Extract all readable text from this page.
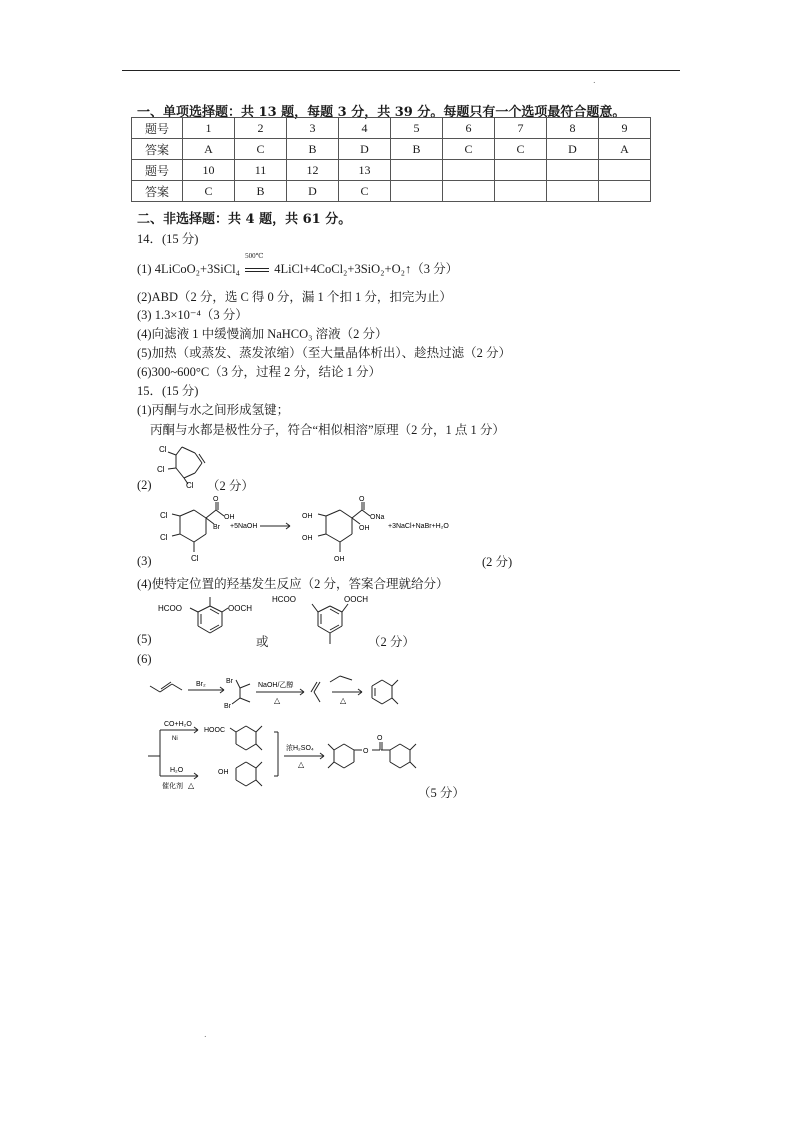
.
一、单项选择题：共 13 题，每题 3 分，共 39 分。每题只有一个选项最符合题意。
题号	1	2	3	4	5	6	7	8	9
答案	A	C	B	D	B	C	C	D	A
题号	10	11	12	13					
答案	C	B	D	C					
二、非选择题：共 4 题，共 61 分。
14．(15 分)
(1) 4LiCoO₂+3SiCl₄
500℃
4LiCl+4CoCl₂+3SiO₂+O₂↑（3 分）
(2)ABD（2 分，选 C 得 0 分，漏 1 个扣 1 分，扣完为止）
(3) 1.3×10⁻⁴（3 分）
(4)向滤液 1 中缓慢滴加 NaHCO₃ 溶液（2 分）
(5)加热（或蒸发、蒸发浓缩）（至大量晶体析出）、趁热过滤（2 分）
(6)300~600°C（3 分，过程 2 分，结论 1 分）
15．(15 分)
(1)丙酮与水之间形成氢键；
丙酮与水都是极性分子，符合“相似相溶”原理（2 分，1 点 1 分）
Cl
Cl
Cl
(2)	（2 分）
Cl
Cl
Cl
O
OH
Br +5NaOH
OH
OH
OH
O
ONa
OH	+3NaCl+NaBr+H₂O
(3)	(2 分)
(4)使特定位置的羟基发生反应（2 分，答案合理就给分）
HCOO	OOCH
HCOO	OOCH
(5)	或	（2 分）
(6)
Br₂	Br
Br
NaOH/乙醇
△	△
CO+H₂O
Ni
HOOC
H₂O
催化剂 △
OH
浓H₂SO₄
△
O
O
（5 分）
.
